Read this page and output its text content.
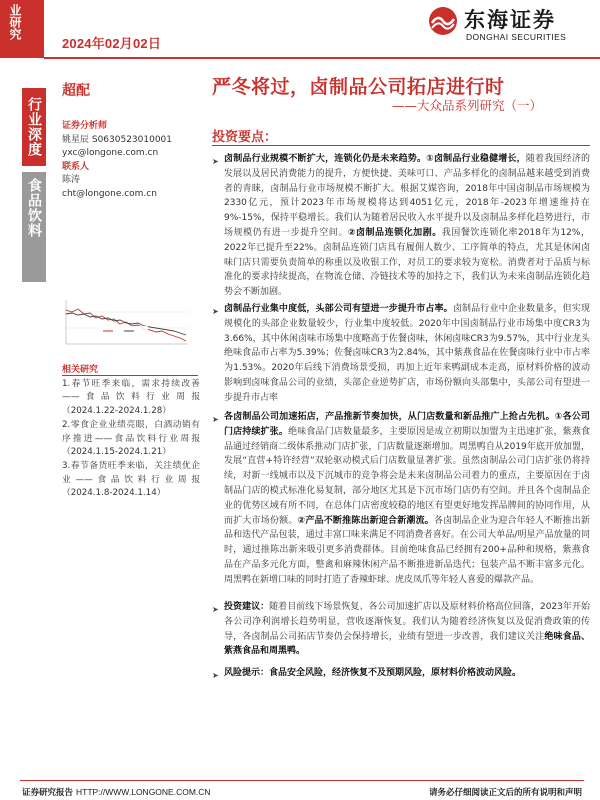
业研究
2024年02月02日
东海证券
DONGHAI SECURITIES
行业深度
食品饮料
超配	严冬将过，卤制品公司拓店进行时
——大众品系列研究（一）
证券分析师
姚星辰 S0630523010001
yxc@longone.com.cn
联系人
陈涛
cht@longone.com.cn
相关研究
1.春节旺季来临，需求持续改善——食品饮料行业周报（2024.1.22-2024.1.28）
2.零食企业业绩亮眼，白酒动销有序推进——食品饮料行业周报（2024.1.15-2024.1.21）
3.春节备货旺季来临，关注绩优企业——食品饮料行业周报（2024.1.8-2024.1.14）
投资要点：
➤ 卤制品行业规模不断扩大，连锁化仍是未来趋势。①卤制品行业稳健增长，随着我国经济的发展以及居民消费能力的提升，方便快捷、美味可口、产品多样化的卤制品越来越受到消费者的青睐，卤制品行业市场规模不断扩大。根据艾媒咨询，2018年中国卤制品市场规模为2330亿元，预计2023年市场规模将达到4051亿元，2018年-2023年增速维持在9%-15%，保持平稳增长。我们认为随着居民收入水平提升以及卤制品多样化趋势进行，市场规模仍有进一步提升空间。②卤制品连锁化加剧。我国餐饮连锁化率2018年为12%，2022年已提升至22%。卤制品连锁门店具有履佣人数少、工序简单的特点，尤其是休闲卤味门店只需要负责简单的称重以及收银工作，对员工的要求较为宽松。消费者对于品质与标准化的要求持续提高，在物流仓储、冷链技术等的加持之下，我们认为未来卤制品连锁化趋势会不断加剧。
➤ 卤制品行业集中度低，头部公司有望进一步提升市占率。卤制品行业中企业数量多，但实现规模化的头部企业数量较少，行业集中度较低。2020年中国卤制品行业市场集中度CR3为3.66%，其中休闲卤味市场集中度略高于佐餐卤味，休闲卤味CR3为9.57%，其中行业龙头绝味食品市占率为5.39%；佐餐卤味CR3为2.84%，其中紫燕食品在佐餐卤味行业中市占率为1.53%。2020年后线下消费场景受损，再加上近年来鸭副成本走高，原材料价格的波动影响到卤味食品公司的业绩，头部企业逆势扩店，市场份额向头部集中，头部公司有望进一步提升市占率
➤ 各卤制品公司加速拓店，产品推新节奏加快，从门店数量和新品推广上抢占先机。①各公司门店持续扩张。绝味食品门店数量最多，主要原因是成立初期以加盟为主迅速扩张，紫燕食品通过经销商二级体系推动门店扩张，门店数量逐渐增加。周黑鸭自从2019年底开放加盟，发展“直营+特许经营”双轮驱动模式后门店数量显著扩张。虽然卤制品公司门店扩张仍将持续，对新一线城市以及下沉城市的竞争将会是未来卤制品公司着力的重点，主要原因在于卤制品门店的模式标准化易复制，部分地区尤其是下沉市场门店仍有空间。并且各个卤制品企业的优势区域有所不同，在总体门店密度较稳的地区有望更好地发挥品牌间的协同作用，从而扩大市场份额。②产品不断推陈出新迎合新潮流。各卤制品企业为迎合年轻人不断推出新品和迭代产品包装，通过丰富口味来满足不同消费者喜好。在公司大单品/明星产品放量的同时，通过推陈出新来吸引更多消费群体。目前绝味食品已经拥有200+品种和规格，紫燕食品在产品多元化方面，整禽和麻辣休闲产品不断推进新品迭代；包装产品不断丰富多元化。周黑鸭在新增口味的同时打造了香辣虾球、虎皮凤爪等年轻人喜爱的爆款产品。
➤ 投资建议：随着目前线下场景恢复、各公司加速扩店以及原材料价格高位回落，2023年开始各公司净利润增长趋势明显，营收逐渐恢复。我们认为随着经济恢复以及促消费政策的传导，各卤制品公司拓店节奏仍会保持增长，业绩有望进一步改善，我们建议关注绝味食品、紫燕食品和周黑鸭。
➤ 风险提示：食品安全风险，经济恢复不及预期风险，原材料价格波动风险。
证券研究报告 HTTP://WWW.LONGONE.COM.CN	请务必仔细阅读正文后的所有说明和声明
